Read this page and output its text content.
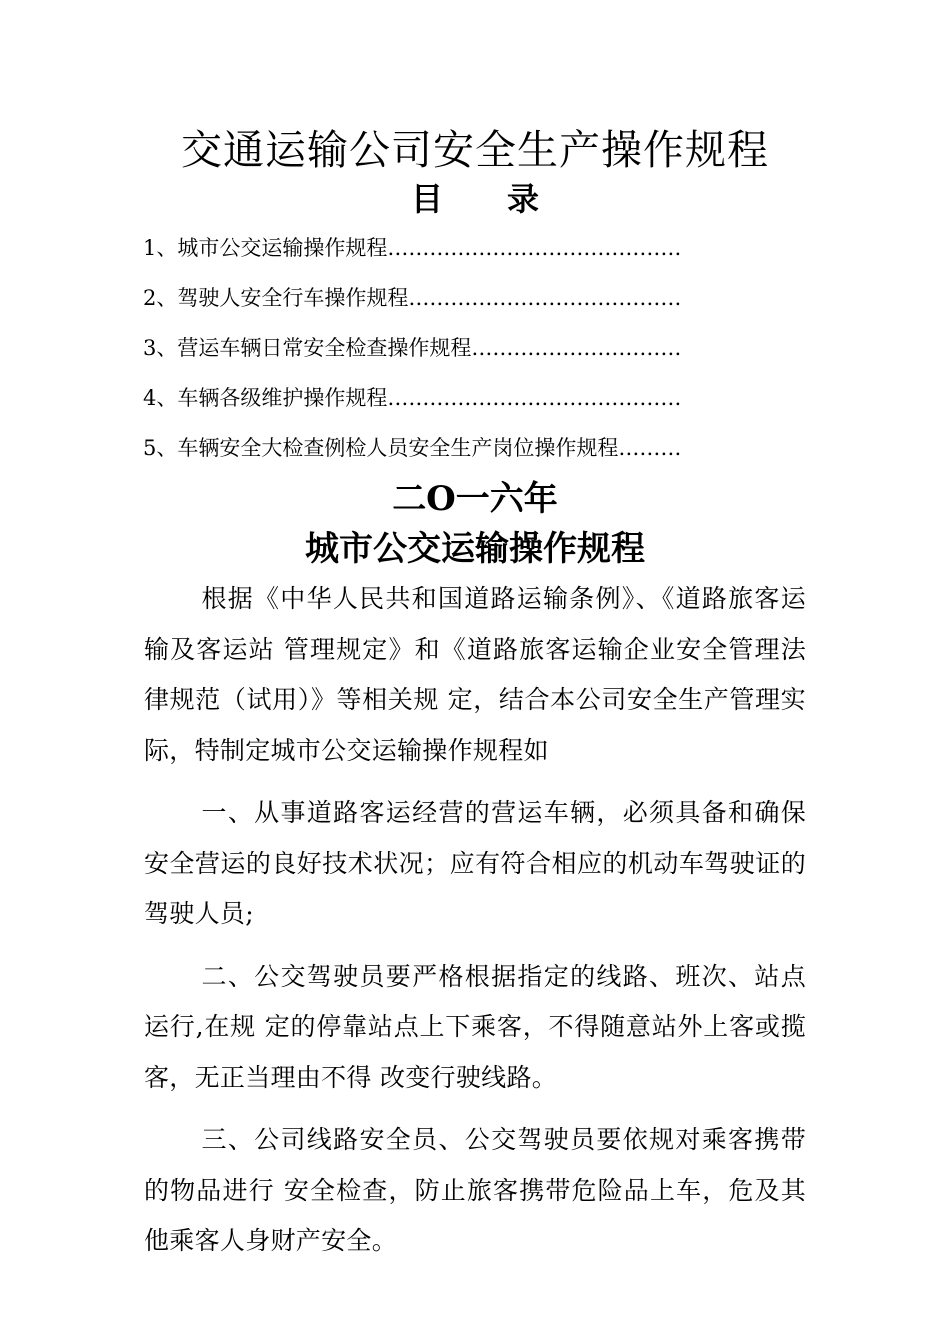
交通运输公司安全生产操作规程
目 录
1、城市公交运输操作规程……………………………………
2、驾驶人安全行车操作规程…………………………………
3、营运车辆日常安全检查操作规程…………………………
4、车辆各级维护操作规程……………………………………
5、车辆安全大检查例检人员安全生产岗位操作规程………
二O一六年
城市公交运输操作规程

根据《中华人民共和国道路运输条例》、《道路旅客运输及客运站 管理规定》和《道路旅客运输企业安全管理法律规范（试用）》等相关规 定，结合本公司安全生产管理实际，特制定城市公交运输操作规程如

一、从事道路客运经营的营运车辆，必须具备和确保安全营运的良好技术状况；应有符合相应的机动车驾驶证的驾驶人员;

二、公交驾驶员要严格根据指定的线路、班次、站点运行,在规 定的停靠站点上下乘客，不得随意站外上客或揽客，无正当理由不得 改变行驶线路。

三、公司线路安全员、公交驾驶员要依规对乘客携带的物品进行 安全检查，防止旅客携带危险品上车，危及其他乘客人身财产安全。
